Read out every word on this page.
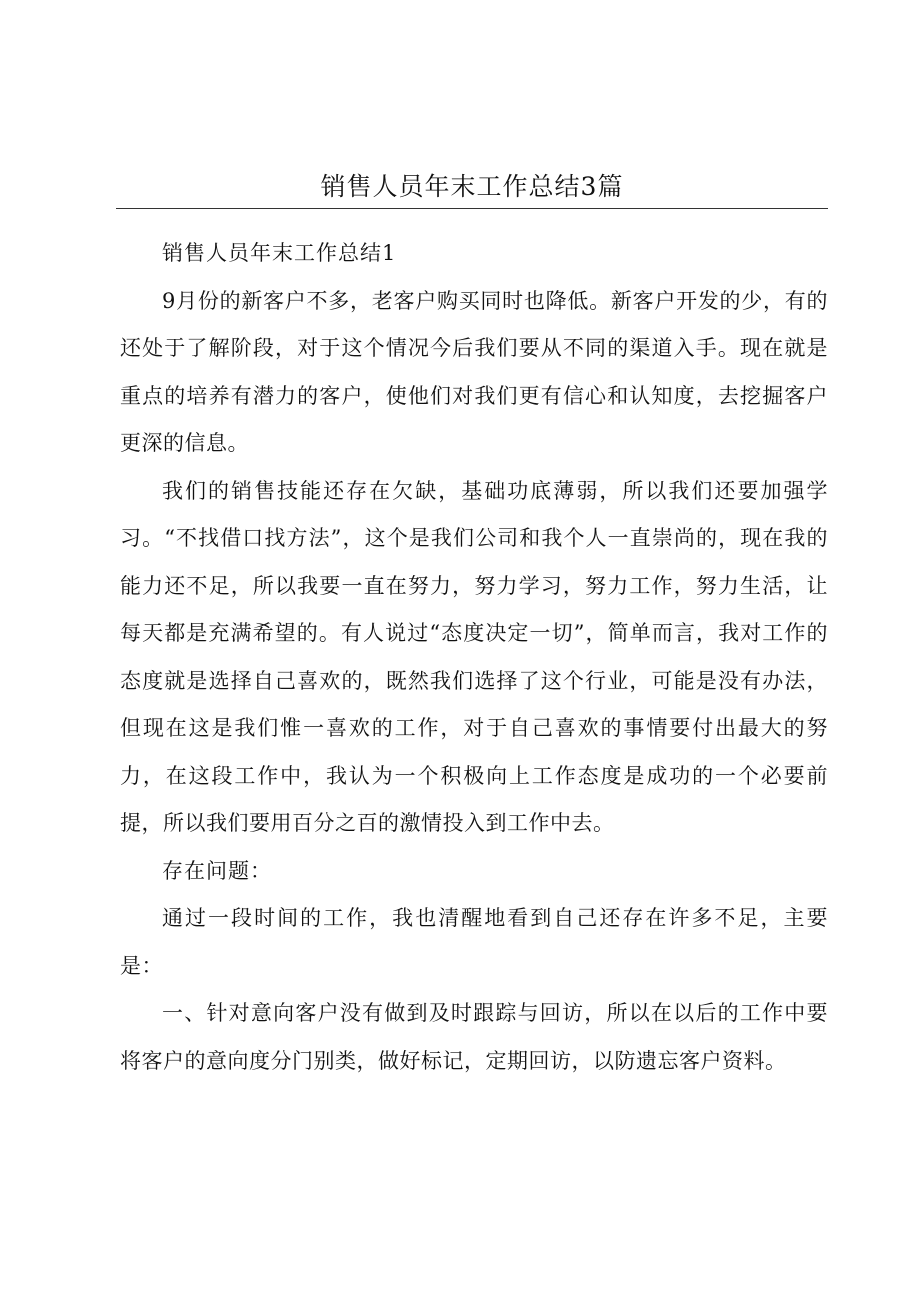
销售人员年末工作总结3篇

销售人员年末工作总结1

9月份的新客户不多，老客户购买同时也降低。新客户开发的少，有的还处于了解阶段，对于这个情况今后我们要从不同的渠道入手。现在就是重点的培养有潜力的客户，使他们对我们更有信心和认知度，去挖掘客户更深的信息。

我们的销售技能还存在欠缺，基础功底薄弱，所以我们还要加强学习。“不找借口找方法”，这个是我们公司和我个人一直崇尚的，现在我的能力还不足，所以我要一直在努力，努力学习，努力工作，努力生活，让每天都是充满希望的。有人说过“态度决定一切”，简单而言，我对工作的态度就是选择自己喜欢的，既然我们选择了这个行业，可能是没有办法，但现在这是我们惟一喜欢的工作，对于自己喜欢的事情要付出最大的努力，在这段工作中，我认为一个积极向上工作态度是成功的一个必要前提，所以我们要用百分之百的激情投入到工作中去。

存在问题：

通过一段时间的工作，我也清醒地看到自己还存在许多不足，主要是：

一、针对意向客户没有做到及时跟踪与回访，所以在以后的工作中要将客户的意向度分门别类，做好标记，定期回访，以防遗忘客户资料。
